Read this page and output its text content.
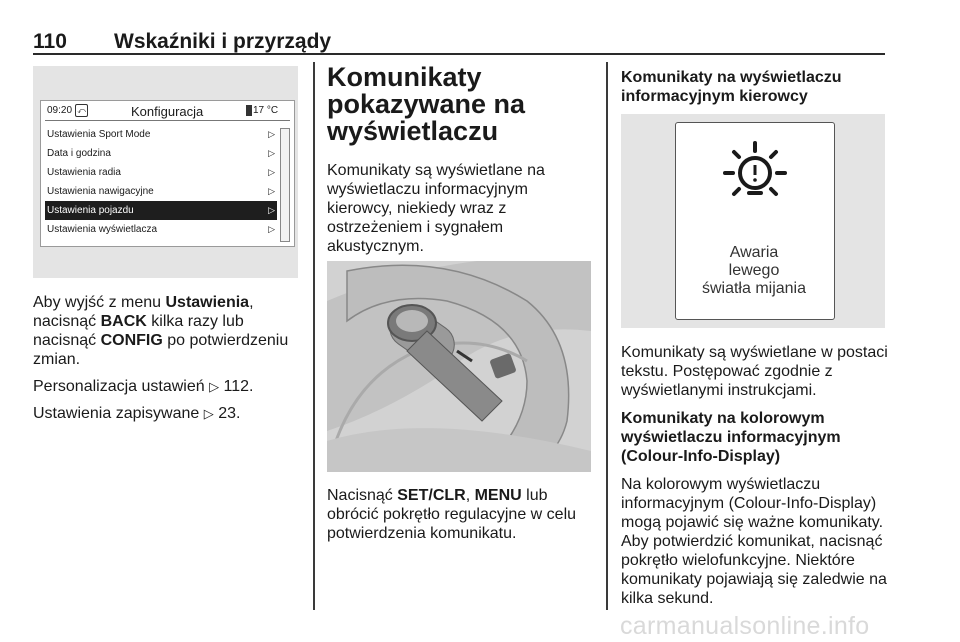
110 Wskaźniki i przyrządy
09:20 ⤺	Konfiguracja	17 °C
Ustawienia Sport Mode	▷
Data i godzina	▷
Ustawienia radia	▷
Ustawienia nawigacyjne	▷
Ustawienia pojazdu	▷
Ustawienia wyświetlacza	▷

Aby wyjść z menu Ustawienia,
nacisnąć BACK kilka razy lub
nacisnąć CONFIG po potwierdzeniu
zmian.

Personalizacja ustawień ▷ 112.

Ustawienia zapisywane ▷ 23.

Komunikaty
pokazywane na
wyświetlaczu

Komunikaty są wyświetlane na
wyświetlaczu informacyjnym
kierowcy, niekiedy wraz z
ostrzeżeniem i sygnałem
akustycznym.

Nacisnąć SET/CLR, MENU lub
obrócić pokrętło regulacyjne w celu
potwierdzenia komunikatu.

Komunikaty na wyświetlaczu
informacyjnym kierowcy
Awaria
lewego
światła mijania

Komunikaty są wyświetlane w postaci
tekstu. Postępować zgodnie z
wyświetlanymi instrukcjami.

Komunikaty na kolorowym
wyświetlaczu informacyjnym
(Colour-Info-Display)

Na kolorowym wyświetlaczu
informacyjnym (Colour-Info-Display)
mogą pojawić się ważne komunikaty.
Aby potwierdzić komunikat, nacisnąć
pokrętło wielofunkcyjne. Niektóre
komunikaty pojawiają się zaledwie na
kilka sekund.

carmanualsonline.info
